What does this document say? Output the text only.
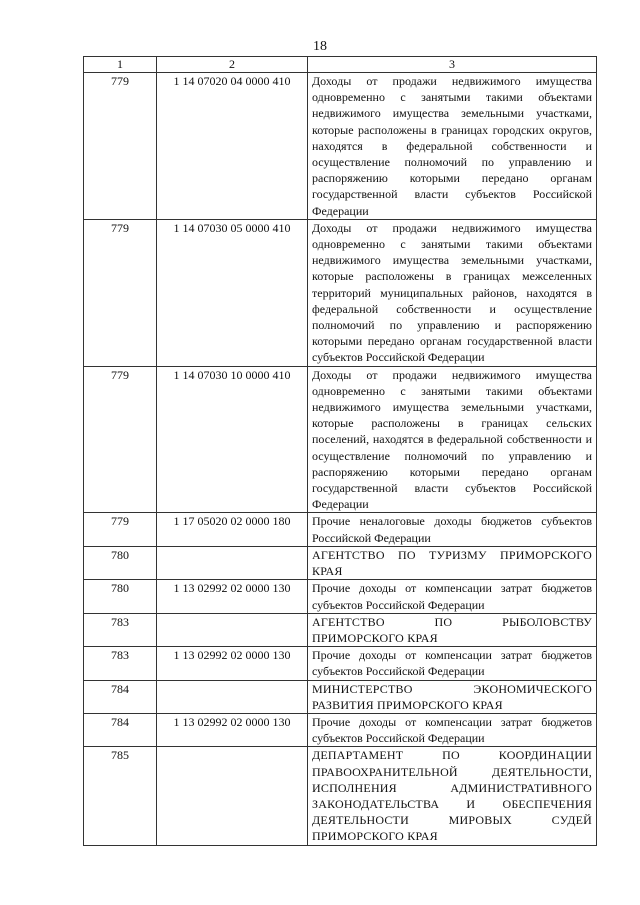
18
1	2	3
779	1 14 07020 04 0000 410	Доходы от продажи недвижимого имущества одновременно с занятыми такими объектами недвижимого имущества земельными участками, которые расположены в границах городских округов, находятся в федеральной собственности и осуществление полномочий по управлению и распоряжению которыми передано органам государственной власти субъектов Российской Федерации
779	1 14 07030 05 0000 410	Доходы от продажи недвижимого имущества одновременно с занятыми такими объектами недвижимого имущества земельными участками, которые расположены в границах межселенных территорий муниципальных районов, находятся в федеральной собственности и осуществление полномочий по управлению и распоряжению которыми передано органам государственной власти субъектов Российской Федерации
779	1 14 07030 10 0000 410	Доходы от продажи недвижимого имущества одновременно с занятыми такими объектами недвижимого имущества земельными участками, которые расположены в границах сельских поселений, находятся в федеральной собственности и осуществление полномочий по управлению и распоряжению которыми передано органам государственной власти субъектов Российской Федерации
779	1 17 05020 02 0000 180	Прочие неналоговые доходы бюджетов субъектов Российской Федерации
780		АГЕНТСТВО ПО ТУРИЗМУ ПРИМОРСКОГО КРАЯ
780	1 13 02992 02 0000 130	Прочие доходы от компенсации затрат бюджетов субъектов Российской Федерации
783		АГЕНТСТВО ПО РЫБОЛОВСТВУ ПРИМОРСКОГО КРАЯ
783	1 13 02992 02 0000 130	Прочие доходы от компенсации затрат бюджетов субъектов Российской Федерации
784		МИНИСТЕРСТВО ЭКОНОМИЧЕСКОГО РАЗВИТИЯ ПРИМОРСКОГО КРАЯ
784	1 13 02992 02 0000 130	Прочие доходы от компенсации затрат бюджетов субъектов Российской Федерации
785		ДЕПАРТАМЕНТ ПО КООРДИНАЦИИ ПРАВООХРАНИТЕЛЬНОЙ ДЕЯТЕЛЬНОСТИ, ИСПОЛНЕНИЯ АДМИНИСТРАТИВНОГО ЗАКОНОДАТЕЛЬСТВА И ОБЕСПЕЧЕНИЯ ДЕЯТЕЛЬНОСТИ МИРОВЫХ СУДЕЙ ПРИМОРСКОГО КРАЯ
